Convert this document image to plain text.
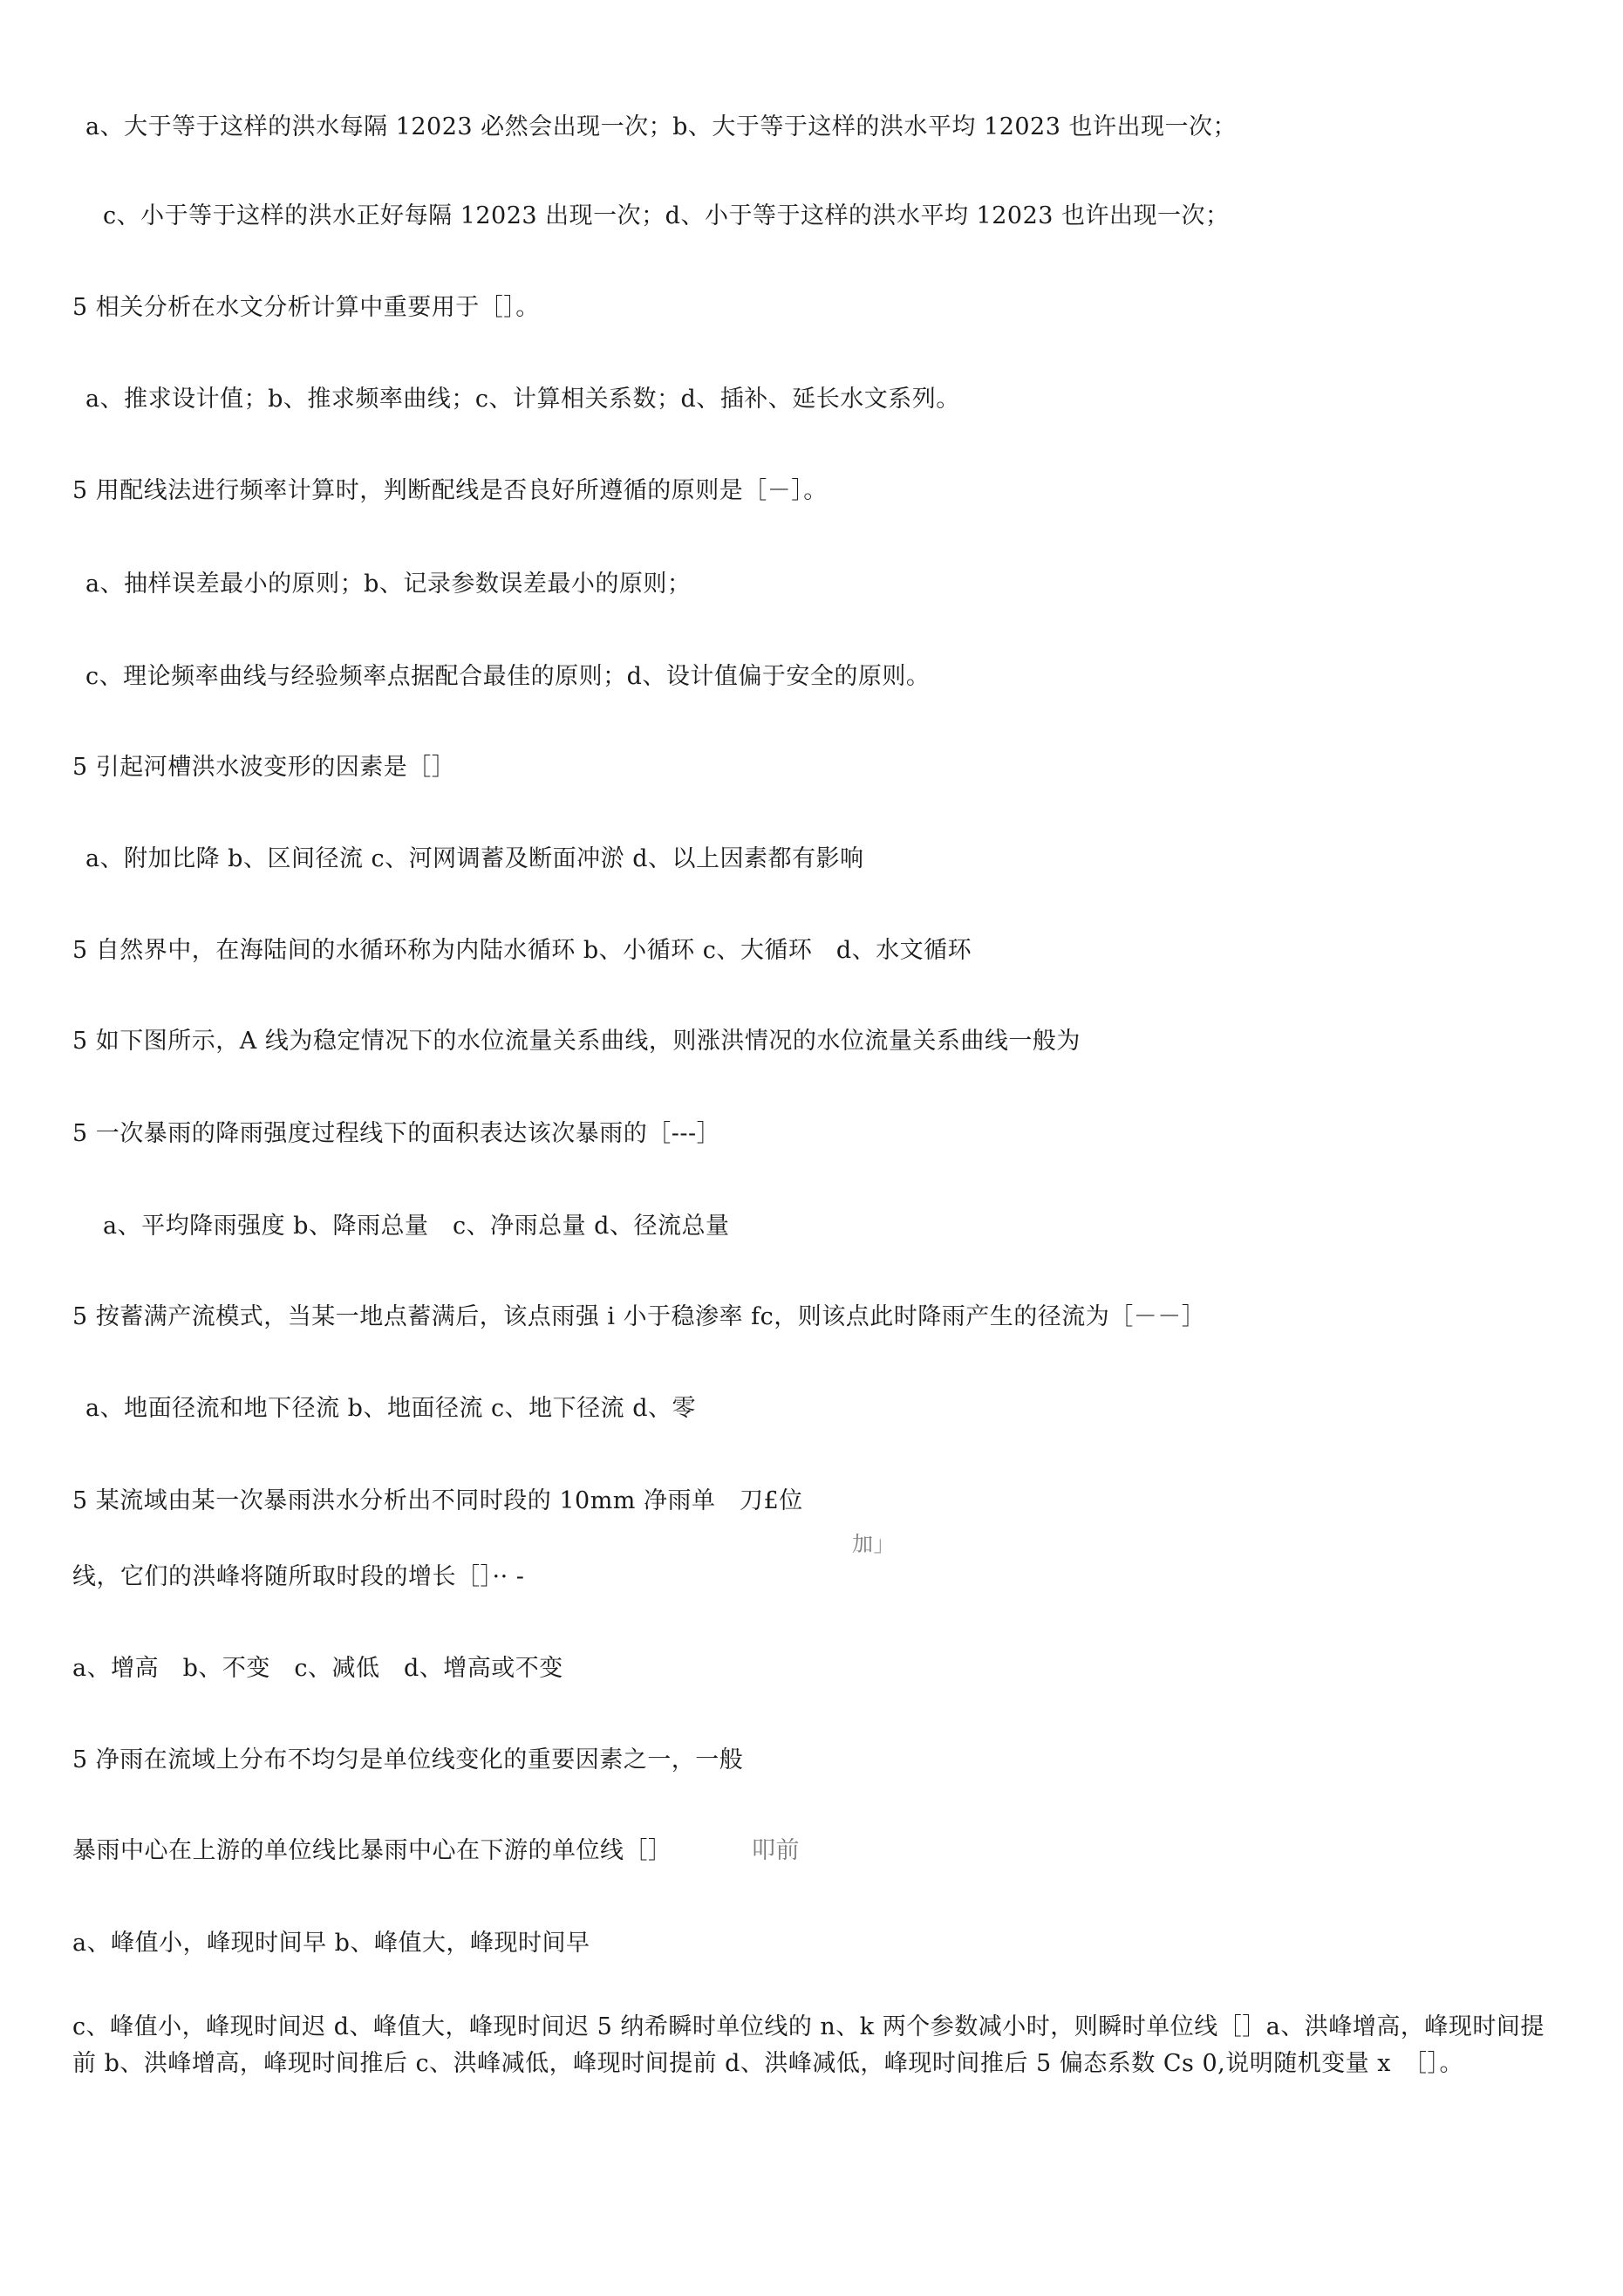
a、大于等于这样的洪水每隔 12023 必然会出现一次；b、大于等于这样的洪水平均 12023 也许出现一次；
c、小于等于这样的洪水正好每隔 12023 出现一次；d、小于等于这样的洪水平均 12023 也许出现一次；
5 相关分析在水文分析计算中重要用于［］。
a、推求设计值；b、推求频率曲线；c、计算相关系数；d、插补、延长水文系列。
5 用配线法进行频率计算时，判断配线是否良好所遵循的原则是［－］。
a、抽样误差最小的原则；b、记录参数误差最小的原则；
c、理论频率曲线与经验频率点据配合最佳的原则；d、设计值偏于安全的原则。
5 引起河槽洪水波变形的因素是［］
a、附加比降 b、区间径流 c、河网调蓄及断面冲淤 d、以上因素都有影响
5 自然界中，在海陆间的水循环称为内陆水循环 b、小循环 c、大循环　d、水文循环
5 如下图所示，A 线为稳定情况下的水位流量关系曲线，则涨洪情况的水位流量关系曲线一般为
5 一次暴雨的降雨强度过程线下的面积表达该次暴雨的［---］
a、平均降雨强度 b、降雨总量　c、净雨总量 d、径流总量
5 按蓄满产流模式，当某一地点蓄满后，该点雨强 i 小于稳渗率 fc，则该点此时降雨产生的径流为［－－］
a、地面径流和地下径流 b、地面径流 c、地下径流 d、零
5 某流域由某一次暴雨洪水分析出不同时段的 10mm 净雨单　刀£位
加」
线，它们的洪峰将随所取时段的增长［］·· -
a、增高　b、不变　c、减低　d、增高或不变
5 净雨在流域上分布不均匀是单位线变化的重要因素之一，一般
暴雨中心在上游的单位线比暴雨中心在下游的单位线［］	叩前
a、峰值小，峰现时间早 b、峰值大，峰现时间早
c、峰值小，峰现时间迟 d、峰值大，峰现时间迟 5 纳希瞬时单位线的 n、k 两个参数减小时，则瞬时单位线［］a、洪峰增高，峰现时间提前 b、洪峰增高，峰现时间推后 c、洪峰减低，峰现时间提前 d、洪峰减低，峰现时间推后 5 偏态系数 Cs 0,说明随机变量 x　［］。
